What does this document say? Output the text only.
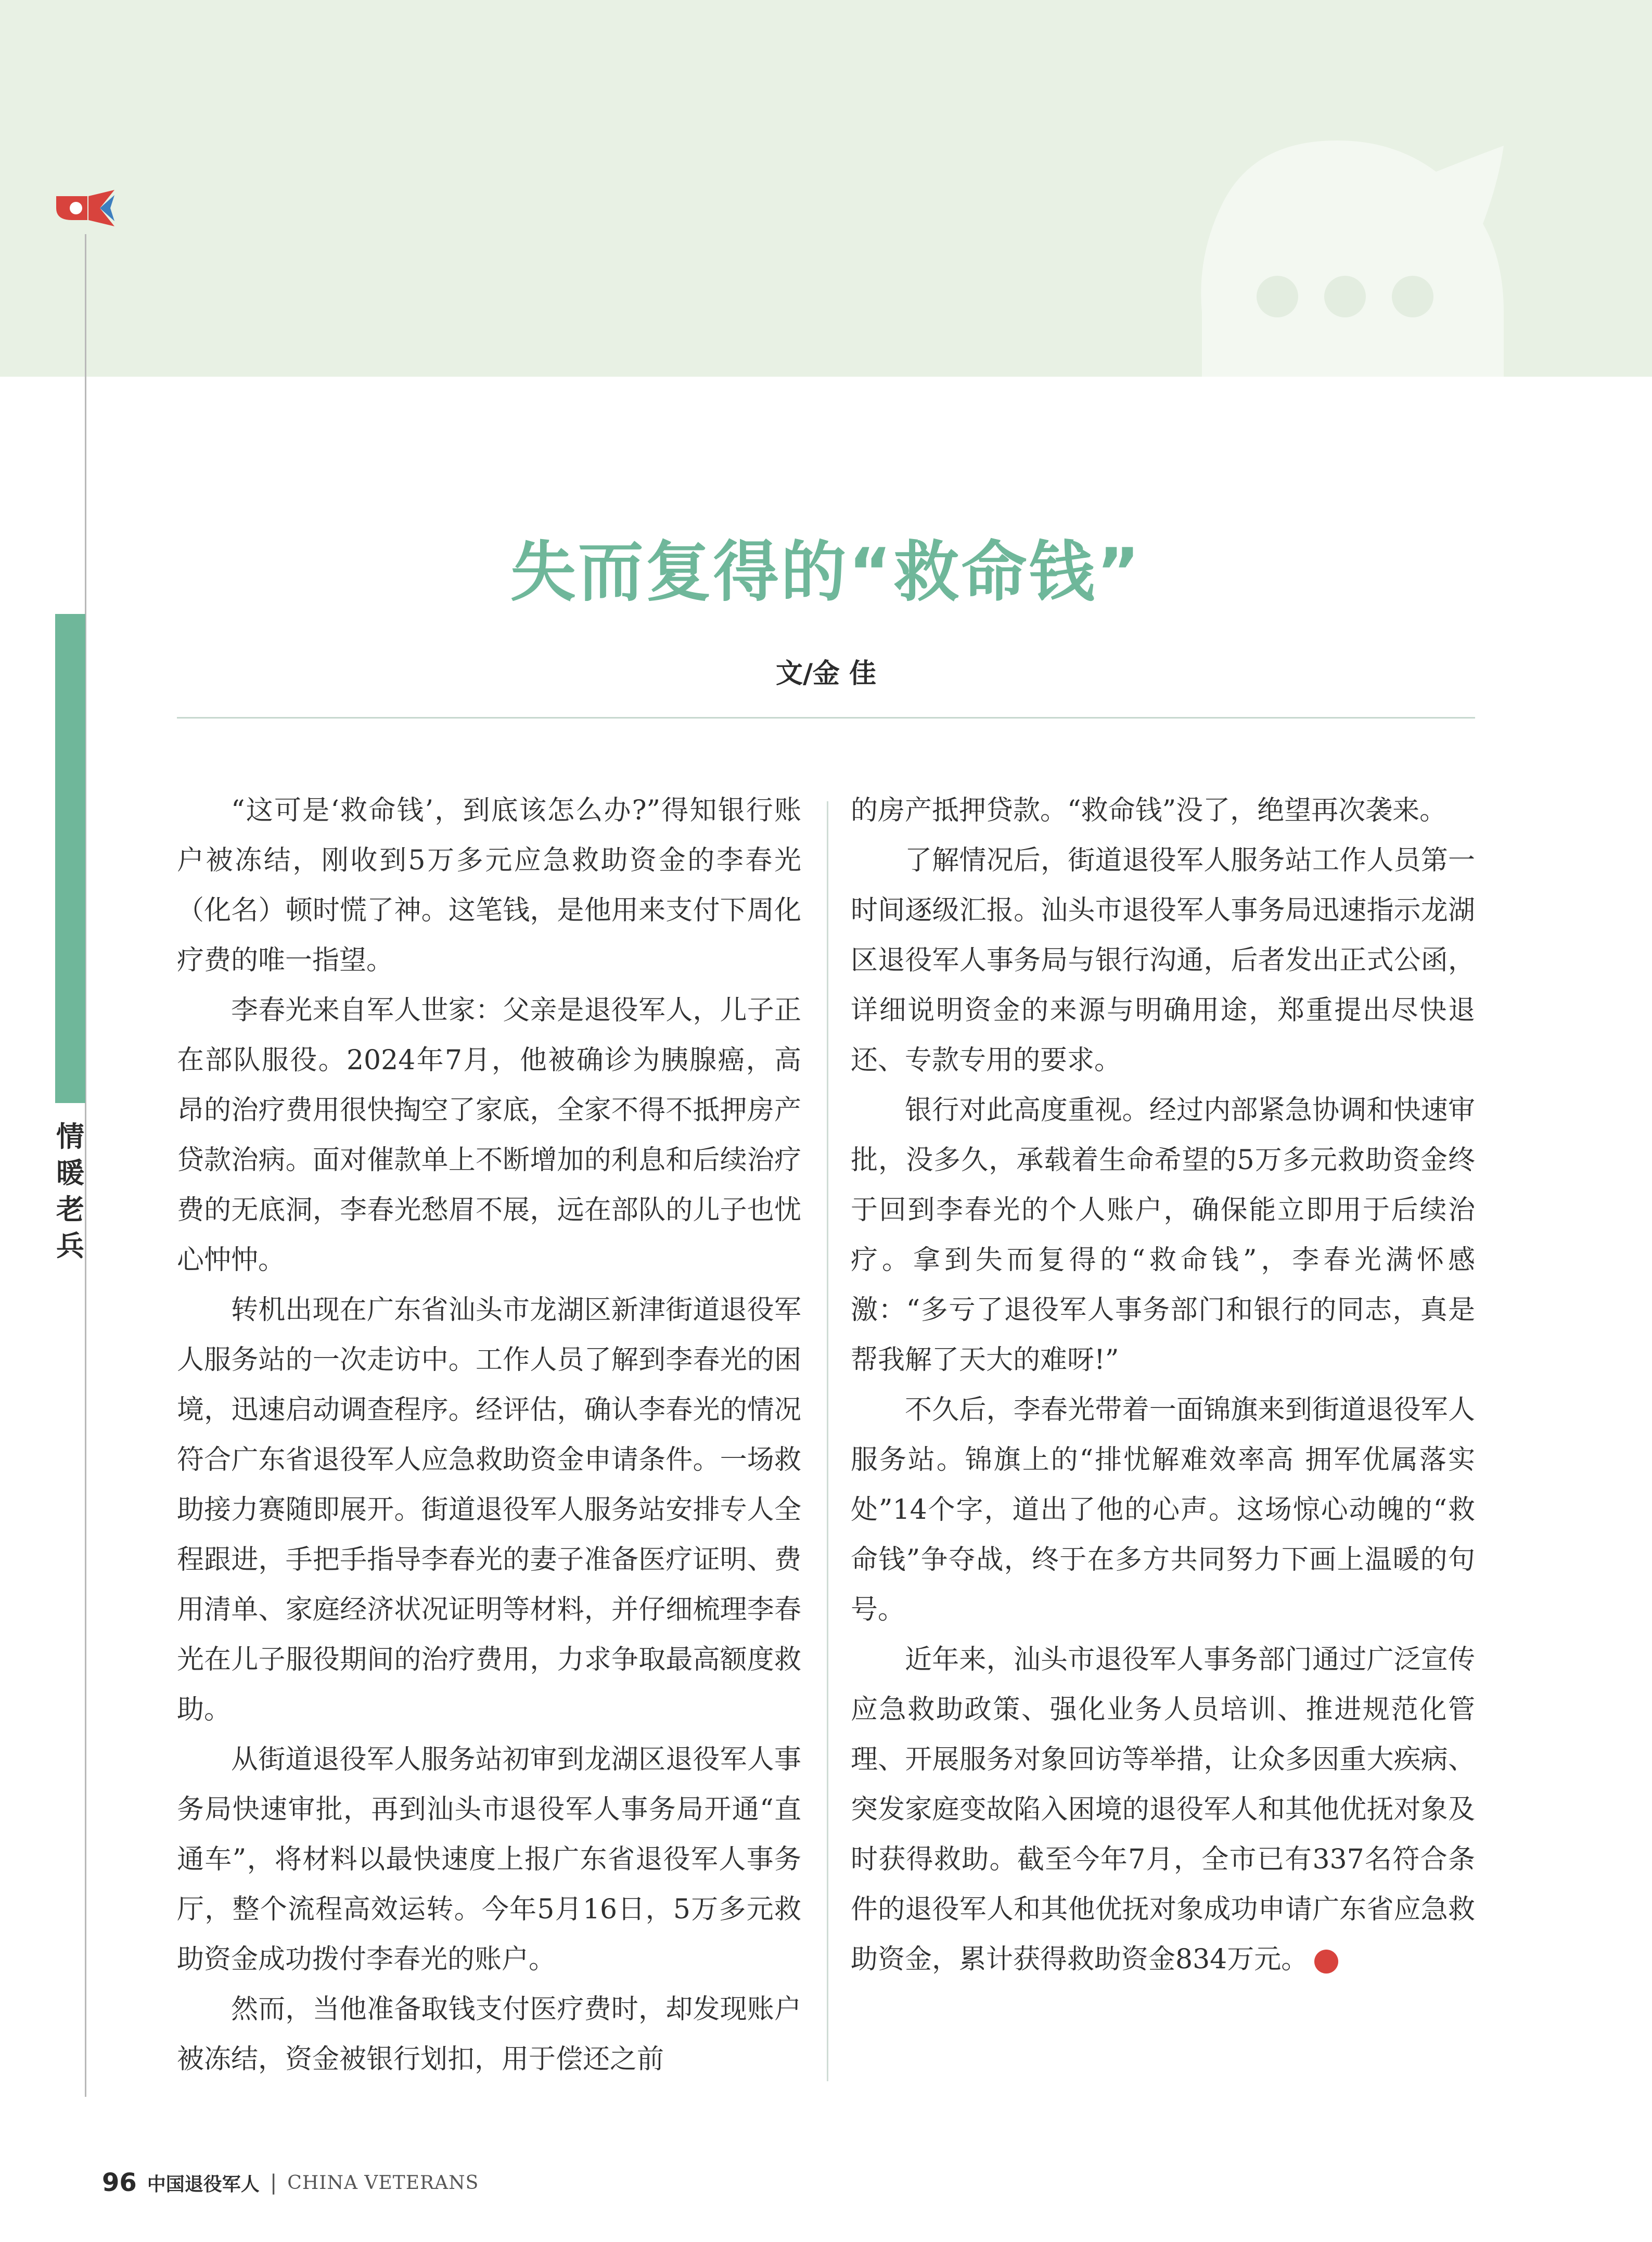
情暖老兵
失而复得的“救命钱”
文/金 佳

“这可是‘救命钱’，到底该怎么办?”得知银行账户被冻结，刚收到5万多元应急救助资金的李春光（化名）顿时慌了神。这笔钱，是他用来支付下周化疗费的唯一指望。

李春光来自军人世家：父亲是退役军人，儿子正在部队服役。2024年7月，他被确诊为胰腺癌，高昂的治疗费用很快掏空了家底，全家不得不抵押房产贷款治病。面对催款单上不断增加的利息和后续治疗费的无底洞，李春光愁眉不展，远在部队的儿子也忧心忡忡。

转机出现在广东省汕头市龙湖区新津街道退役军人服务站的一次走访中。工作人员了解到李春光的困境，迅速启动调查程序。经评估，确认李春光的情况符合广东省退役军人应急救助资金申请条件。一场救助接力赛随即展开。街道退役军人服务站安排专人全程跟进，手把手指导李春光的妻子准备医疗证明、费用清单、家庭经济状况证明等材料，并仔细梳理李春光在儿子服役期间的治疗费用，力求争取最高额度救助。

从街道退役军人服务站初审到龙湖区退役军人事务局快速审批，再到汕头市退役军人事务局开通“直通车”，将材料以最快速度上报广东省退役军人事务厅，整个流程高效运转。今年5月16日，5万多元救助资金成功拨付李春光的账户。

然而，当他准备取钱支付医疗费时，却发现账户被冻结，资金被银行划扣，用于偿还之前

的房产抵押贷款。“救命钱”没了，绝望再次袭来。

了解情况后，街道退役军人服务站工作人员第一时间逐级汇报。汕头市退役军人事务局迅速指示龙湖区退役军人事务局与银行沟通，后者发出正式公函，详细说明资金的来源与明确用途，郑重提出尽快退还、专款专用的要求。

银行对此高度重视。经过内部紧急协调和快速审批，没多久，承载着生命希望的5万多元救助资金终于回到李春光的个人账户，确保能立即用于后续治疗。拿到失而复得的“救命钱”，李春光满怀感激：“多亏了退役军人事务部门和银行的同志，真是帮我解了天大的难呀!”

不久后，李春光带着一面锦旗来到街道退役军人服务站。锦旗上的“排忧解难效率高 拥军优属落实处”14个字，道出了他的心声。这场惊心动魄的“救命钱”争夺战，终于在多方共同努力下画上温暖的句号。

近年来，汕头市退役军人事务部门通过广泛宣传应急救助政策、强化业务人员培训、推进规范化管理、开展服务对象回访等举措，让众多因重大疾病、突发家庭变故陷入困境的退役军人和其他优抚对象及时获得救助。截至今年7月，全市已有337名符合条件的退役军人和其他优抚对象成功申请广东省应急救助资金，累计获得救助资金834万元。	V

96 中国退役军人 | CHINA VETERANS
